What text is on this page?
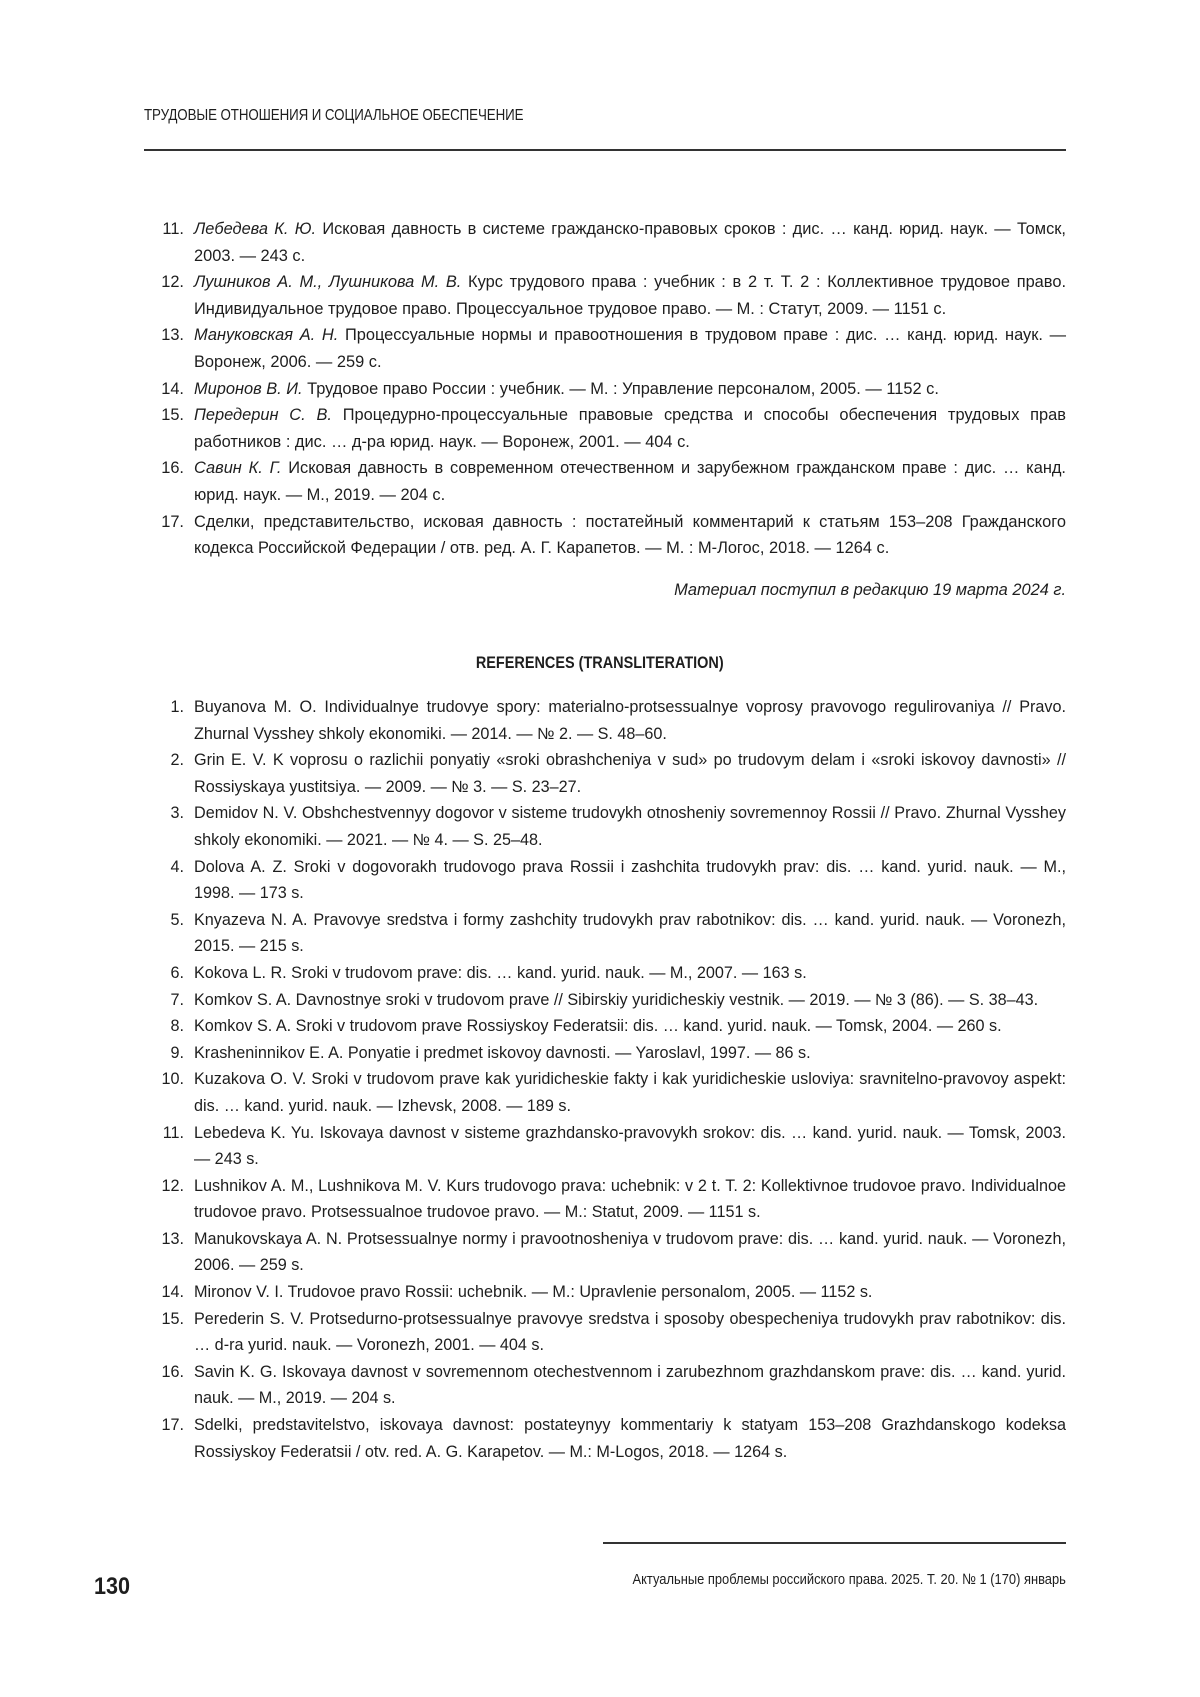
ТРУДОВЫЕ ОТНОШЕНИЯ И СОЦИАЛЬНОЕ ОБЕСПЕЧЕНИЕ
11. Лебедева К. Ю. Исковая давность в системе гражданско-правовых сроков : дис. … канд. юрид. наук. — Томск, 2003. — 243 с.
12. Лушников А. М., Лушникова М. В. Курс трудового права : учебник : в 2 т. Т. 2 : Коллективное трудовое право. Индивидуальное трудовое право. Процессуальное трудовое право. — М. : Статут, 2009. — 1151 с.
13. Мануковская А. Н. Процессуальные нормы и правоотношения в трудовом праве : дис. … канд. юрид. наук. — Воронеж, 2006. — 259 с.
14. Миронов В. И. Трудовое право России : учебник. — М. : Управление персоналом, 2005. — 1152 с.
15. Передерин С. В. Процедурно-процессуальные правовые средства и способы обеспечения трудовых прав работников : дис. … д-ра юрид. наук. — Воронеж, 2001. — 404 с.
16. Савин К. Г. Исковая давность в современном отечественном и зарубежном гражданском праве : дис. … канд. юрид. наук. — М., 2019. — 204 с.
17. Сделки, представительство, исковая давность : постатейный комментарий к статьям 153–208 Гражданского кодекса Российской Федерации / отв. ред. А. Г. Карапетов. — М. : М-Логос, 2018. — 1264 с.
Материал поступил в редакцию 19 марта 2024 г.
REFERENCES (TRANSLITERATION)
1. Buyanova M. O. Individualnye trudovye spory: materialno-protsessualnye voprosy pravovogo regulirovaniya // Pravo. Zhurnal Vysshey shkoly ekonomiki. — 2014. — № 2. — S. 48–60.
2. Grin E. V. K voprosu o razlichii ponyatiy «sroki obrashcheniya v sud» po trudovym delam i «sroki iskovoy davnosti» // Rossiyskaya yustitsiya. — 2009. — № 3. — S. 23–27.
3. Demidov N. V. Obshchestvennyy dogovor v sisteme trudovykh otnosheniy sovremennoy Rossii // Pravo. Zhurnal Vysshey shkoly ekonomiki. — 2021. — № 4. — S. 25–48.
4. Dolova A. Z. Sroki v dogovorakh trudovogo prava Rossii i zashchita trudovykh prav: dis. … kand. yurid. nauk. — M., 1998. — 173 s.
5. Knyazeva N. A. Pravovye sredstva i formy zashchity trudovykh prav rabotnikov: dis. … kand. yurid. nauk. — Voronezh, 2015. — 215 s.
6. Kokova L. R. Sroki v trudovom prave: dis. … kand. yurid. nauk. — M., 2007. — 163 s.
7. Komkov S. A. Davnostnye sroki v trudovom prave // Sibirskiy yuridicheskiy vestnik. — 2019. — № 3 (86). — S. 38–43.
8. Komkov S. A. Sroki v trudovom prave Rossiyskoy Federatsii: dis. … kand. yurid. nauk. — Tomsk, 2004. — 260 s.
9. Krasheninnikov E. A. Ponyatie i predmet iskovoy davnosti. — Yaroslavl, 1997. — 86 s.
10. Kuzakova O. V. Sroki v trudovom prave kak yuridicheskie fakty i kak yuridicheskie usloviya: sravnitelno-pravovoy aspekt: dis. … kand. yurid. nauk. — Izhevsk, 2008. — 189 s.
11. Lebedeva K. Yu. Iskovaya davnost v sisteme grazhdansko-pravovykh srokov: dis. … kand. yurid. nauk. — Tomsk, 2003. — 243 s.
12. Lushnikov A. M., Lushnikova M. V. Kurs trudovogo prava: uchebnik: v 2 t. T. 2: Kollektivnoe trudovoe pravo. Individualnoe trudovoe pravo. Protsessualnoe trudovoe pravo. — M.: Statut, 2009. — 1151 s.
13. Manukovskaya A. N. Protsessualnye normy i pravootnosheniya v trudovom prave: dis. … kand. yurid. nauk. — Voronezh, 2006. — 259 s.
14. Mironov V. I. Trudovoe pravo Rossii: uchebnik. — M.: Upravlenie personalom, 2005. — 1152 s.
15. Perederin S. V. Protsedurno-protsessualnye pravovye sredstva i sposoby obespecheniya trudovykh prav rabotnikov: dis. … d-ra yurid. nauk. — Voronezh, 2001. — 404 s.
16. Savin K. G. Iskovaya davnost v sovremennom otechestvennom i zarubezhnom grazhdanskom prave: dis. … kand. yurid. nauk. — M., 2019. — 204 s.
17. Sdelki, predstavitelstvo, iskovaya davnost: postateynyy kommentariy k statyam 153–208 Grazhdanskogo kodeksa Rossiyskoy Federatsii / otv. red. A. G. Karapetov. — M.: M-Logos, 2018. — 1264 s.
130	Актуальные проблемы российского права. 2025. Т. 20. № 1 (170) январь
